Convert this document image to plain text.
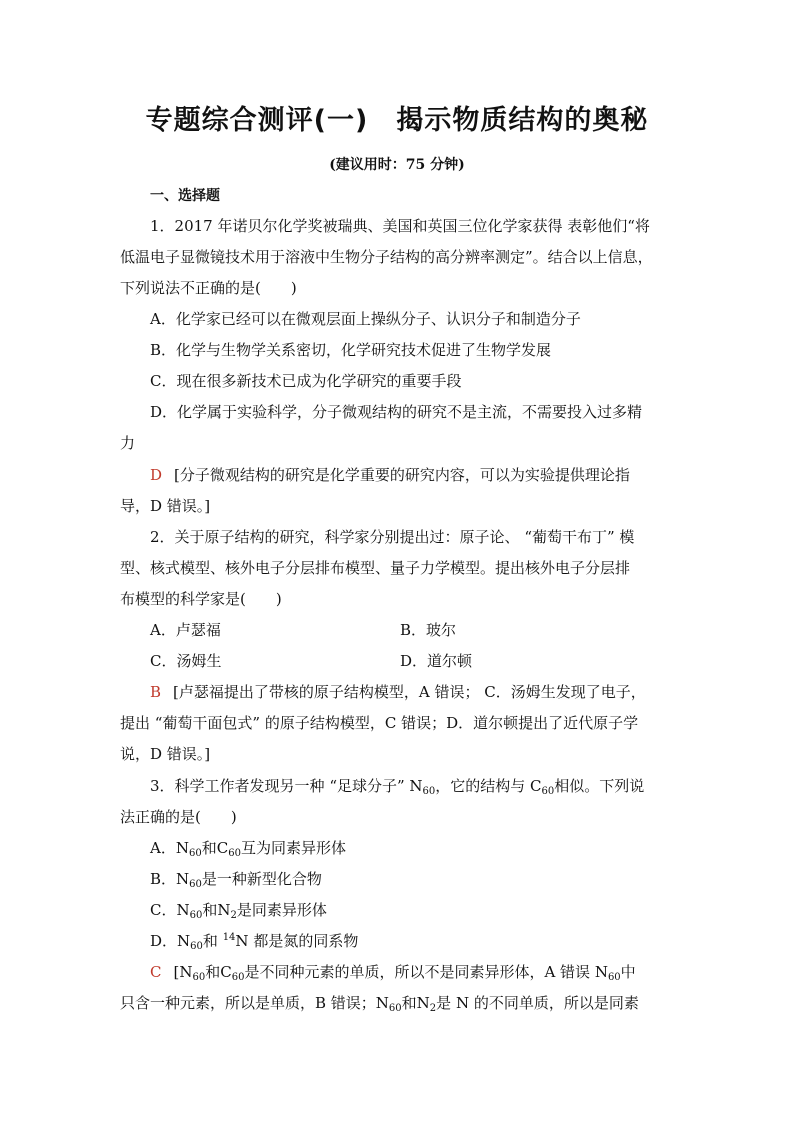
专题综合测评(一)　揭示物质结构的奥秘
(建议用时：75 分钟)
一、选择题
1．2017 年诺贝尔化学奖被瑞典、美国和英国三位化学家获得 表彰他们“将
低温电子显微镜技术用于溶液中生物分子结构的高分辨率测定”。结合以上信息，
下列说法不正确的是(　　)
A．化学家已经可以在微观层面上操纵分子、认识分子和制造分子
B．化学与生物学关系密切，化学研究技术促进了生物学发展
C．现在很多新技术已成为化学研究的重要手段
D．化学属于实验科学，分子微观结构的研究不是主流，不需要投入过多精
力
D [分子微观结构的研究是化学重要的研究内容，可以为实验提供理论指
导，D 错误。]
2．关于原子结构的研究，科学家分别提出过：原子论、 “葡萄干布丁” 模
型、核式模型、核外电子分层排布模型、量子力学模型。提出核外电子分层排
布模型的科学家是(　　)
A．卢瑟福	B．玻尔
C．汤姆生	D．道尔顿
B [卢瑟福提出了带核的原子结构模型，A 错误； C．汤姆生发现了电子，
提出 “葡萄干面包式” 的原子结构模型，C 错误；D．道尔顿提出了近代原子学
说，D 错误。]
3．科学工作者发现另一种 “足球分子” $N_{60}$，它的结构与 $C_{60}$相似。下列说
法正确的是(　　)
A．$N_{60}$和$C_{60}$互为同素异形体
B．$N_{60}$是一种新型化合物
C．$N_{60}$和$N_2$是同素异形体
D．$N_{60}$和 $^{14}$N 都是氮的同系物
C [$N_{60}$和$C_{60}$是不同种元素的单质，所以不是同素异形体，A 错误 $N_{60}$中
只含一种元素，所以是单质，B 错误；$N_{60}$和$N_2$是 N 的不同单质，所以是同素
